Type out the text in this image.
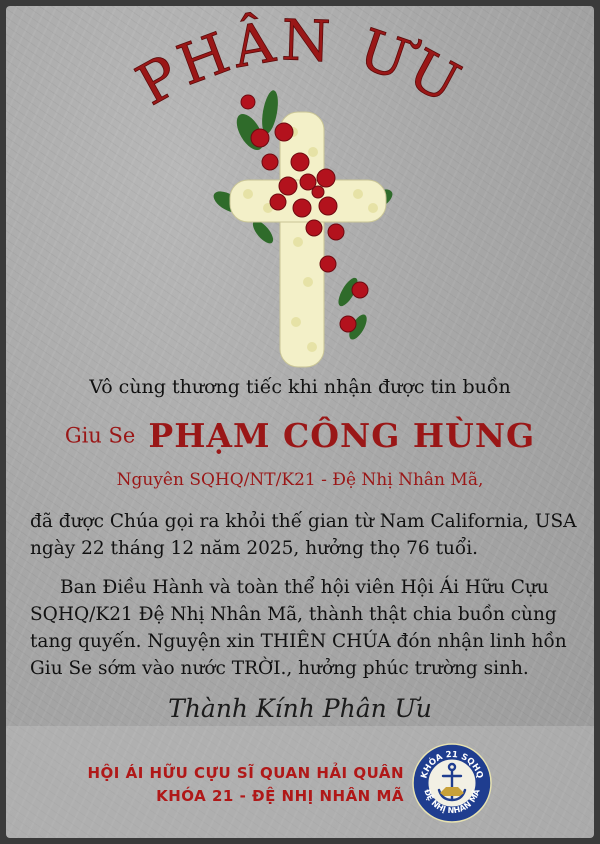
PHÂN ƯU
Vô cùng thương tiếc khi nhận được tin buồn
Giu Se PHẠM CÔNG HÙNG
Nguyên SQHQ/NT/K21 - Đệ Nhị Nhân Mã,
đã được Chúa gọi ra khỏi thế gian từ Nam California, USA ngày 22 tháng 12 năm 2025, hưởng thọ 76 tuổi.
Ban Điều Hành và toàn thể hội viên Hội Ái Hữu Cựu SQHQ/K21 Đệ Nhị Nhân Mã, thành thật chia buồn cùng tang quyến. Nguyện xin THIÊN CHÚA đón nhận linh hồn Giu Se sớm vào nước TRỜI., hưởng phúc trường sinh.
Thành Kính Phân Ưu
HỘI ÁI HỮU CỰU SĨ QUAN HẢI QUÂN
KHÓA 21 - ĐỆ NHỊ NHÂN MÃ
KHÓA 21 SQHQ
ĐỆ NHỊ NHÂN MÃ
